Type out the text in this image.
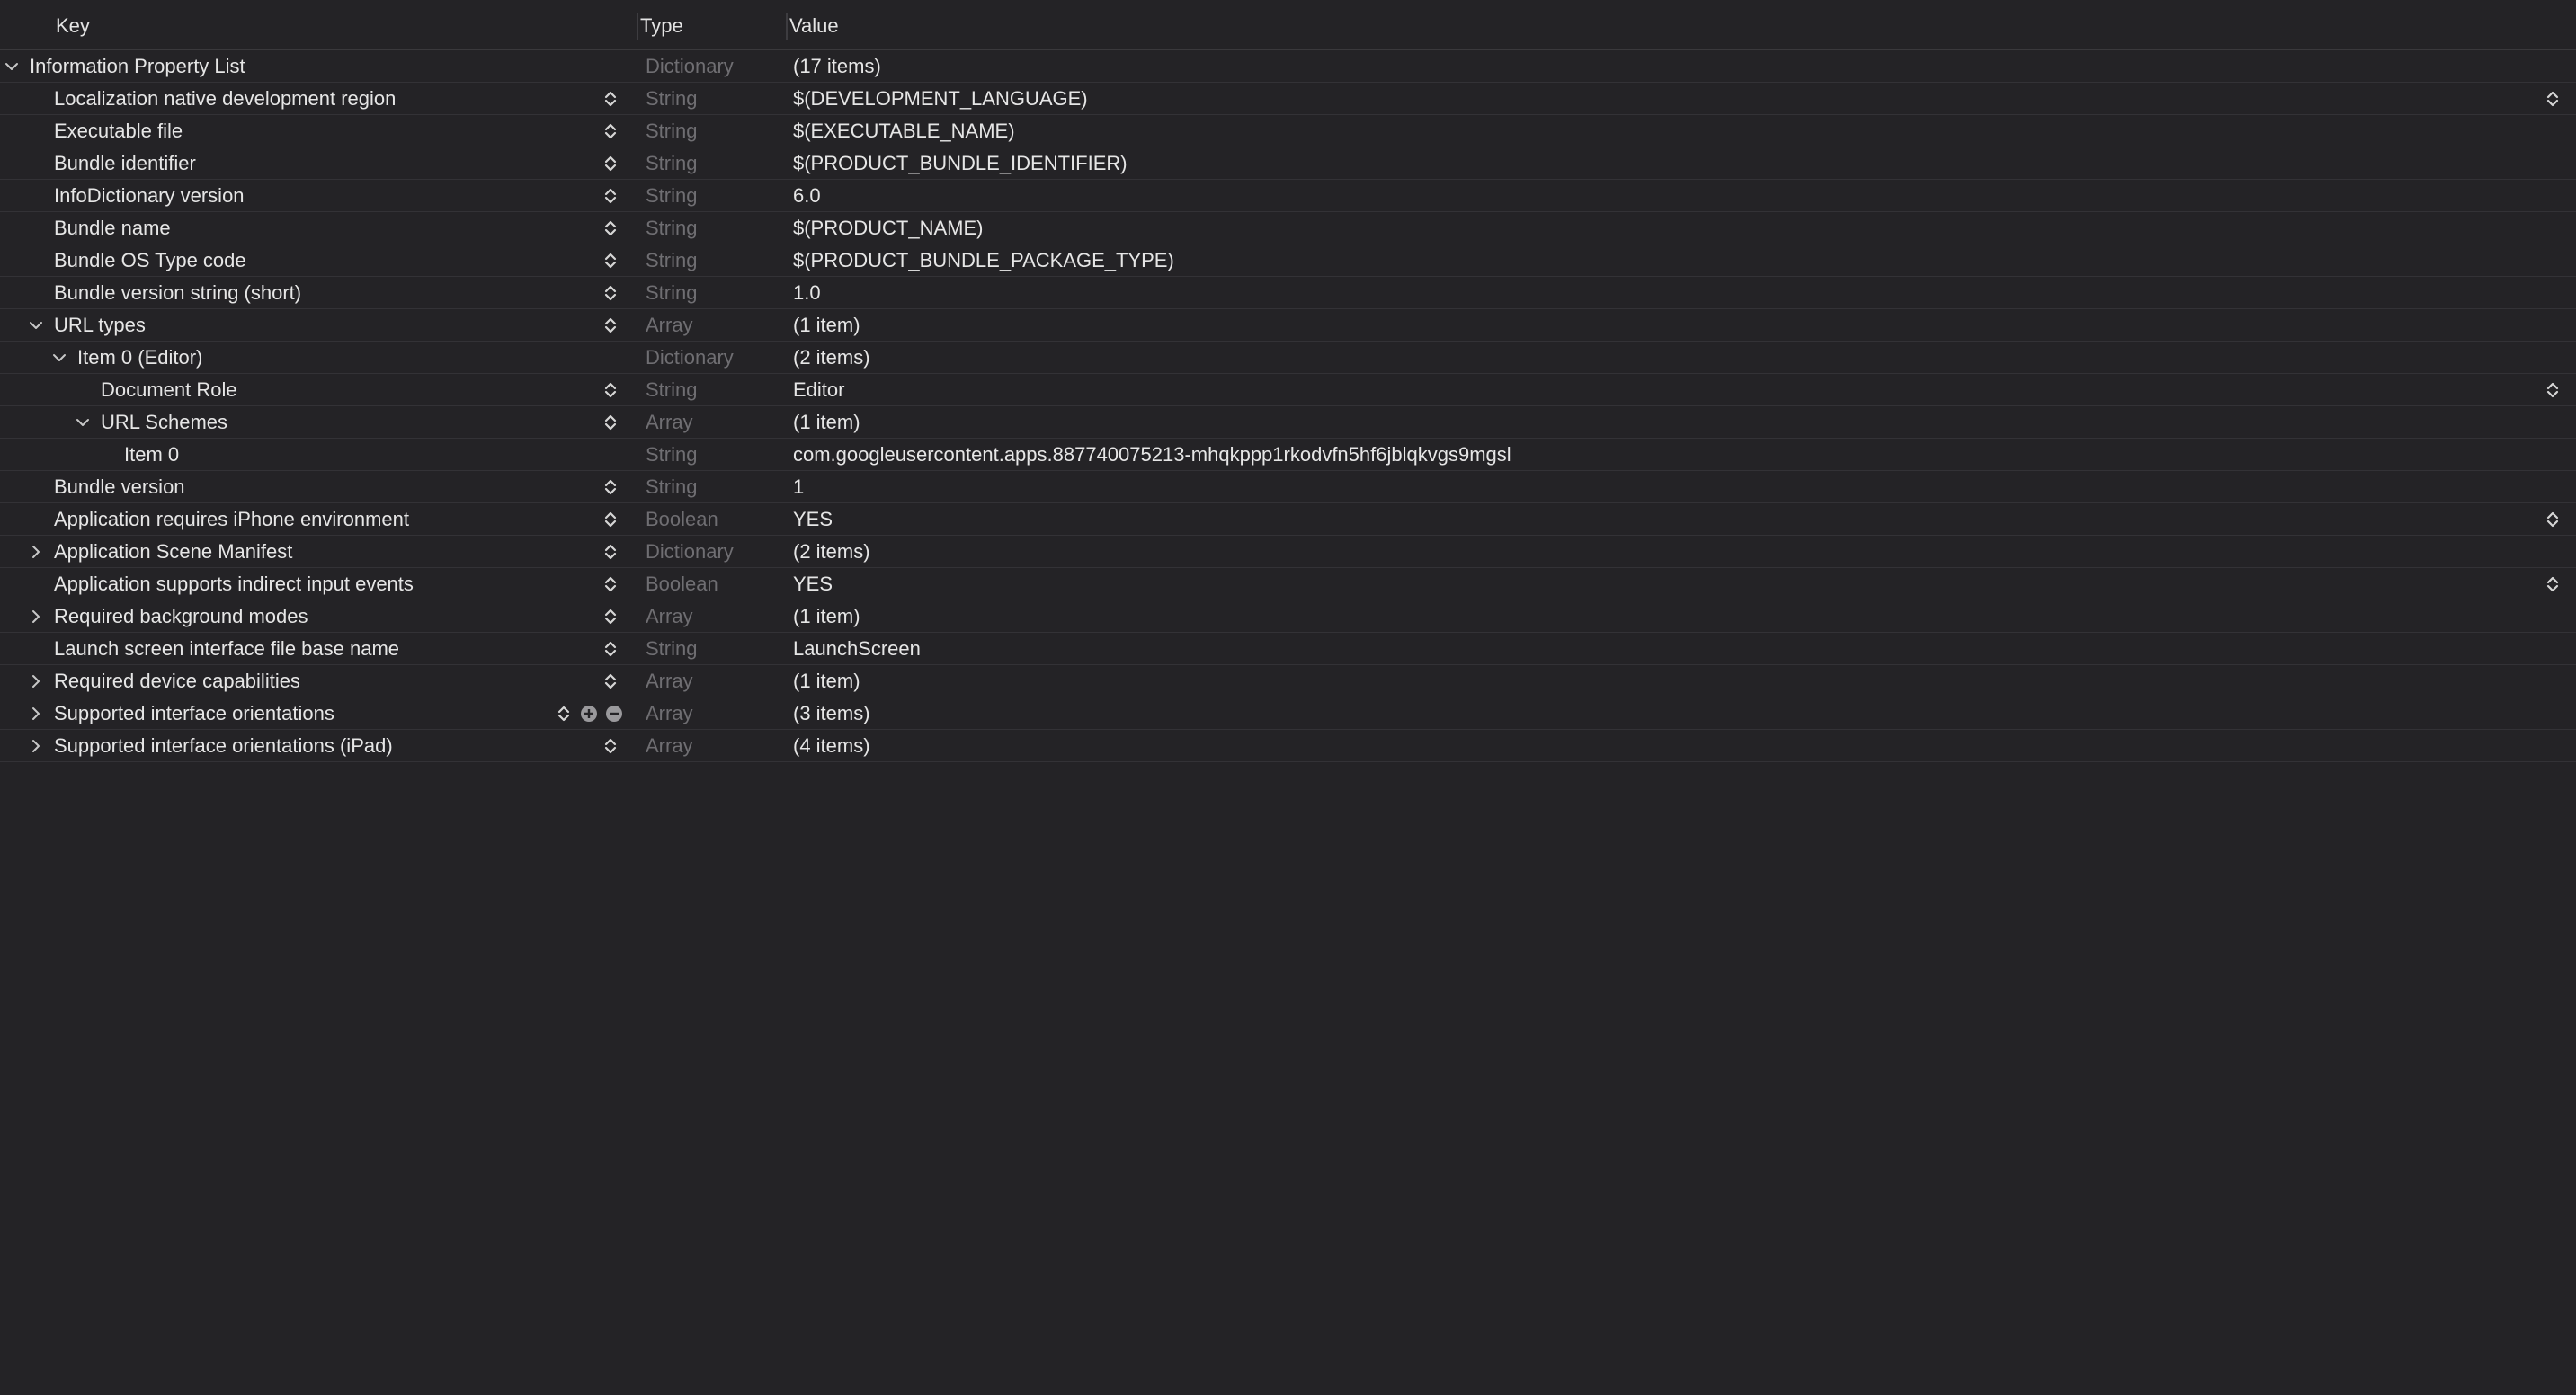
Key	Type	Value
Information Property List	Dictionary	(17 items)
Localization native development region	String	$(DEVELOPMENT_LANGUAGE)
Executable file	String	$(EXECUTABLE_NAME)
Bundle identifier	String	$(PRODUCT_BUNDLE_IDENTIFIER)
InfoDictionary version	String	6.0
Bundle name	String	$(PRODUCT_NAME)
Bundle OS Type code	String	$(PRODUCT_BUNDLE_PACKAGE_TYPE)
Bundle version string (short)	String	1.0
URL types	Array	(1 item)
Item 0 (Editor)	Dictionary	(2 items)
Document Role	String	Editor
URL Schemes	Array	(1 item)
Item 0	String	com.googleusercontent.apps.887740075213-mhqkppp1rkodvfn5hf6jblqkvgs9mgsl
Bundle version	String	1
Application requires iPhone environment	Boolean	YES
Application Scene Manifest	Dictionary	(2 items)
Application supports indirect input events	Boolean	YES
Required background modes	Array	(1 item)
Launch screen interface file base name	String	LaunchScreen
Required device capabilities	Array	(1 item)
Supported interface orientations	Array	(3 items)
Supported interface orientations (iPad)	Array	(4 items)
